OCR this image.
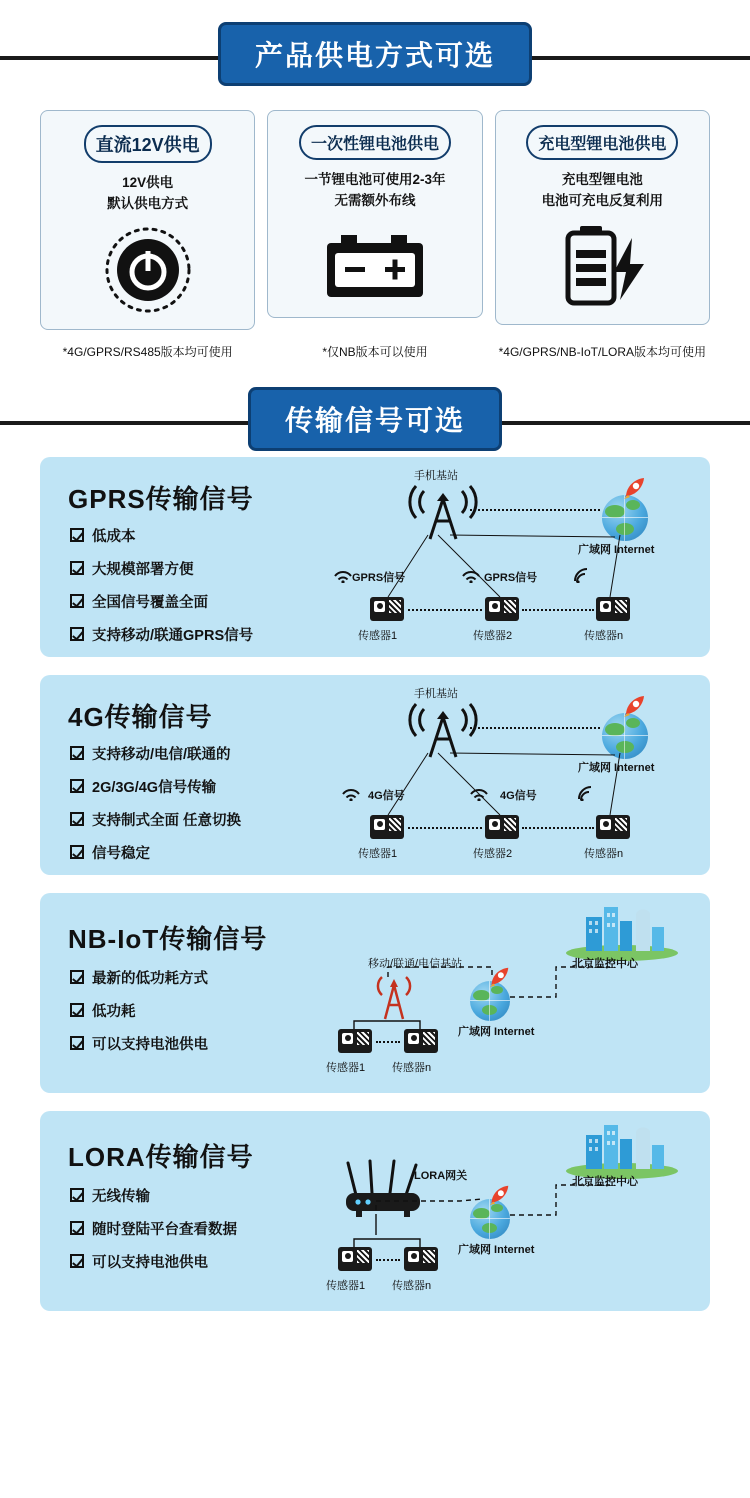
产品供电方式可选
直流12V供电
12V供电
默认供电方式
一次性锂电池供电
一节锂电池可使用2-3年
无需额外布线
充电型锂电池供电
充电型锂电池
电池可充电反复利用
*4G/GPRS/RS485版本均可使用	*仅NB版本可以使用	*4G/GPRS/NB-IoT/LORA版本均可使用
传输信号可选
GPRS传输信号
低成本
大规模部署方便
全国信号覆盖全面
支持移动/联通GPRS信号
手机基站
广域网 Internet
GPRS信号	GPRS信号
传感器1	传感器2	传感器n
4G传输信号
支持移动/电信/联通的
2G/3G/4G信号传输
支持制式全面 任意切换
信号稳定
手机基站
广域网 Internet
4G信号	4G信号
传感器1	传感器2	传感器n
NB-IoT传输信号
最新的低功耗方式
低功耗
可以支持电池供电
北京监控中心
移动/联通/电信基站
广域网 Internet
传感器1 传感器n
LORA传输信号
无线传输
随时登陆平台查看数据
可以支持电池供电
北京监控中心
LORA网关
广域网 Internet
传感器1 传感器n
